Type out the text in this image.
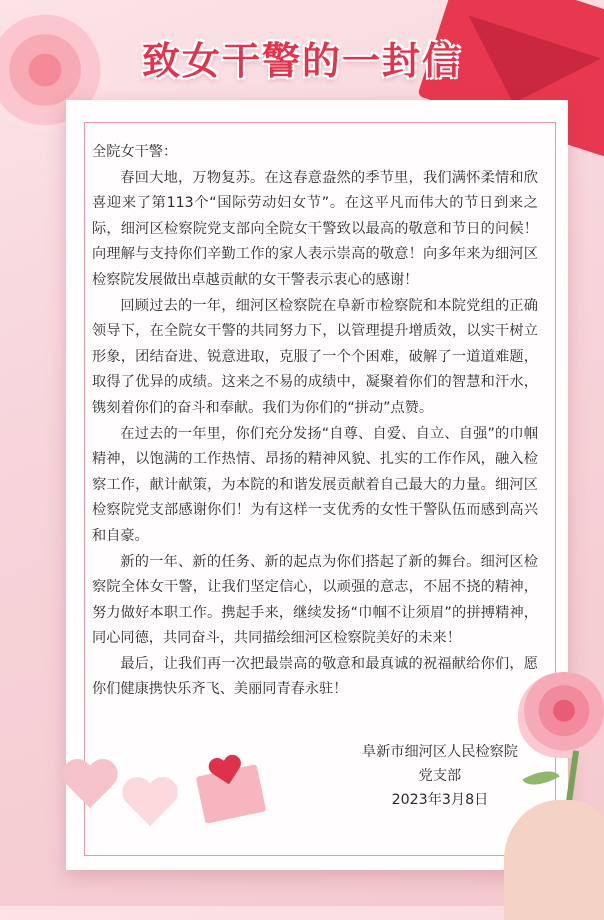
致女干警的一封信

全院女干警：

春回大地，万物复苏。在这春意盎然的季节里，我们满怀柔情和欣喜迎来了第113个“国际劳动妇女节”。在这平凡而伟大的节日到来之际，细河区检察院党支部向全院女干警致以最高的敬意和节日的问候！向理解与支持你们辛勤工作的家人表示崇高的敬意！向多年来为细河区检察院发展做出卓越贡献的女干警表示衷心的感谢！

回顾过去的一年，细河区检察院在阜新市检察院和本院党组的正确领导下，在全院女干警的共同努力下，以管理提升增质效，以实干树立形象，团结奋进、锐意进取，克服了一个个困难，破解了一道道难题，取得了优异的成绩。这来之不易的成绩中，凝聚着你们的智慧和汗水，镌刻着你们的奋斗和奉献。我们为你们的“拼动”点赞。

在过去的一年里，你们充分发扬“自尊、自爱、自立、自强”的巾帼精神，以饱满的工作热情、昂扬的精神风貌、扎实的工作作风，融入检察工作，献计献策，为本院的和谐发展贡献着自己最大的力量。细河区检察院党支部感谢你们！为有这样一支优秀的女性干警队伍而感到高兴和自豪。

新的一年、新的任务、新的起点为你们搭起了新的舞台。细河区检察院全体女干警，让我们坚定信心，以顽强的意志，不屈不挠的精神，努力做好本职工作。携起手来，继续发扬“巾帼不让须眉”的拼搏精神，同心同德，共同奋斗，共同描绘细河区检察院美好的未来！

最后，让我们再一次把最崇高的敬意和最真诚的祝福献给你们，愿你们健康携快乐齐飞、美丽同青春永驻！

阜新市细河区人民检察院
党支部
2023年3月8日
